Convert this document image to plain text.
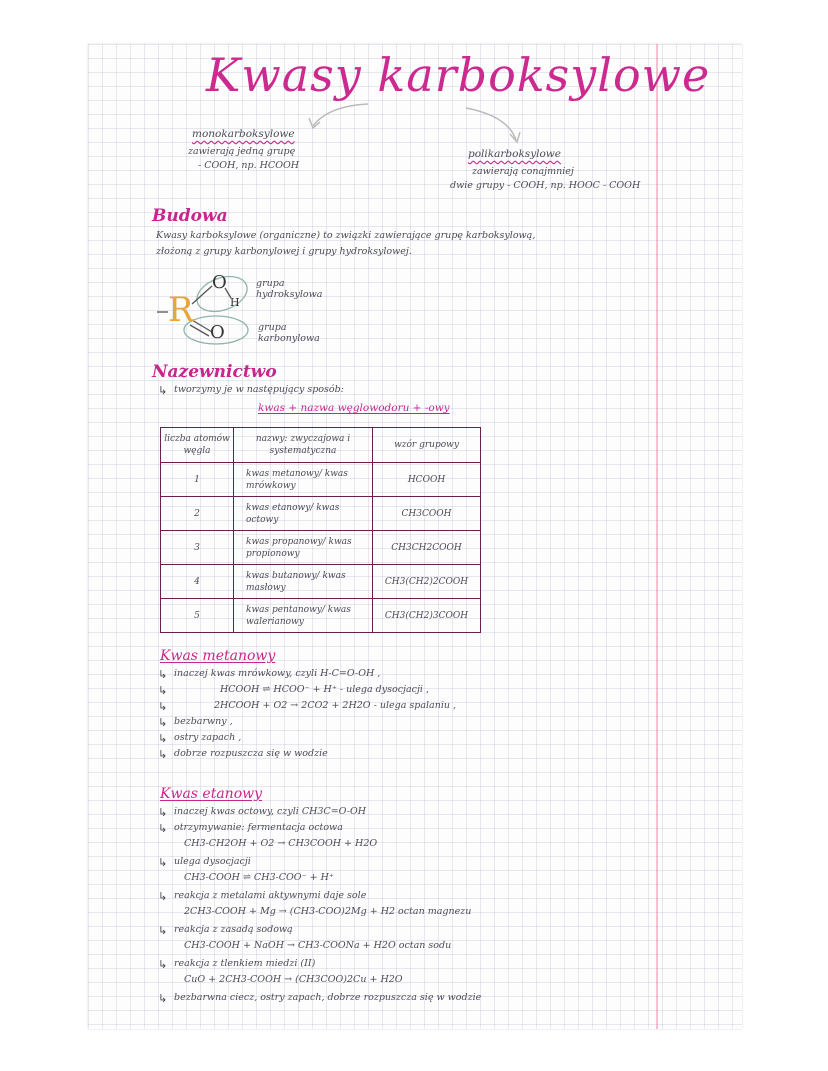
Kwasy karboksylowe
monokarboksylowe
zawierają jedną grupę
- COOH, np. HCOOH
polikarboksylowe
zawierają conajmniej
dwie grupy - COOH, np. HOOC - COOH
Budowa
Kwasy karboksylowe (organiczne) to związki zawierające grupę karboksylową,
złożoną z grupy karbonylowej i grupy hydroksylowej.
R
O
H
O
grupa hydroksylowa
grupa karbonylowa
Nazewnictwo
↳ tworzymy je w następujący sposób:
kwas + nazwa węglowodoru + -owy
liczba atomów węgla	nazwy: zwyczajowa i systematyczna	wzór grupowy
1	kwas metanowy/ kwas mrówkowy	HCOOH
2	kwas etanowy/ kwas octowy	CH3COOH
3	kwas propanowy/ kwas propionowy	CH3CH2COOH
4	kwas butanowy/ kwas masłowy	CH3(CH2)2COOH
5	kwas pentanowy/ kwas walerianowy	CH3(CH2)3COOH
Kwas metanowy
↳ inaczej kwas mrówkowy, czyli H-C=O-OH ,
HCOOH ⇌ HCOO⁻ + H⁺ - ulega dysocjacji ,
↳
2HCOOH + O2 → 2CO2 + 2H2O - ulega spalaniu ,
↳
↳ bezbarwny ,
↳ ostry zapach ,
↳ dobrze rozpuszcza się w wodzie
Kwas etanowy
↳ inaczej kwas octowy, czyli CH3C=O-OH
↳ otrzymywanie: fermentacja octowa
CH3-CH2OH + O2 → CH3COOH + H2O
↳ ulega dysocjacji
CH3-COOH ⇌ CH3-COO⁻ + H⁺
↳ reakcja z metalami aktywnymi daje sole
2CH3-COOH + Mg → (CH3-COO)2Mg + H2 octan magnezu
↳ reakcja z zasadą sodową
CH3-COOH + NaOH → CH3-COONa + H2O octan sodu
↳ reakcja z tlenkiem miedzi (II)
CuO + 2CH3-COOH → (CH3COO)2Cu + H2O
↳ bezbarwna ciecz, ostry zapach, dobrze rozpuszcza się w wodzie
